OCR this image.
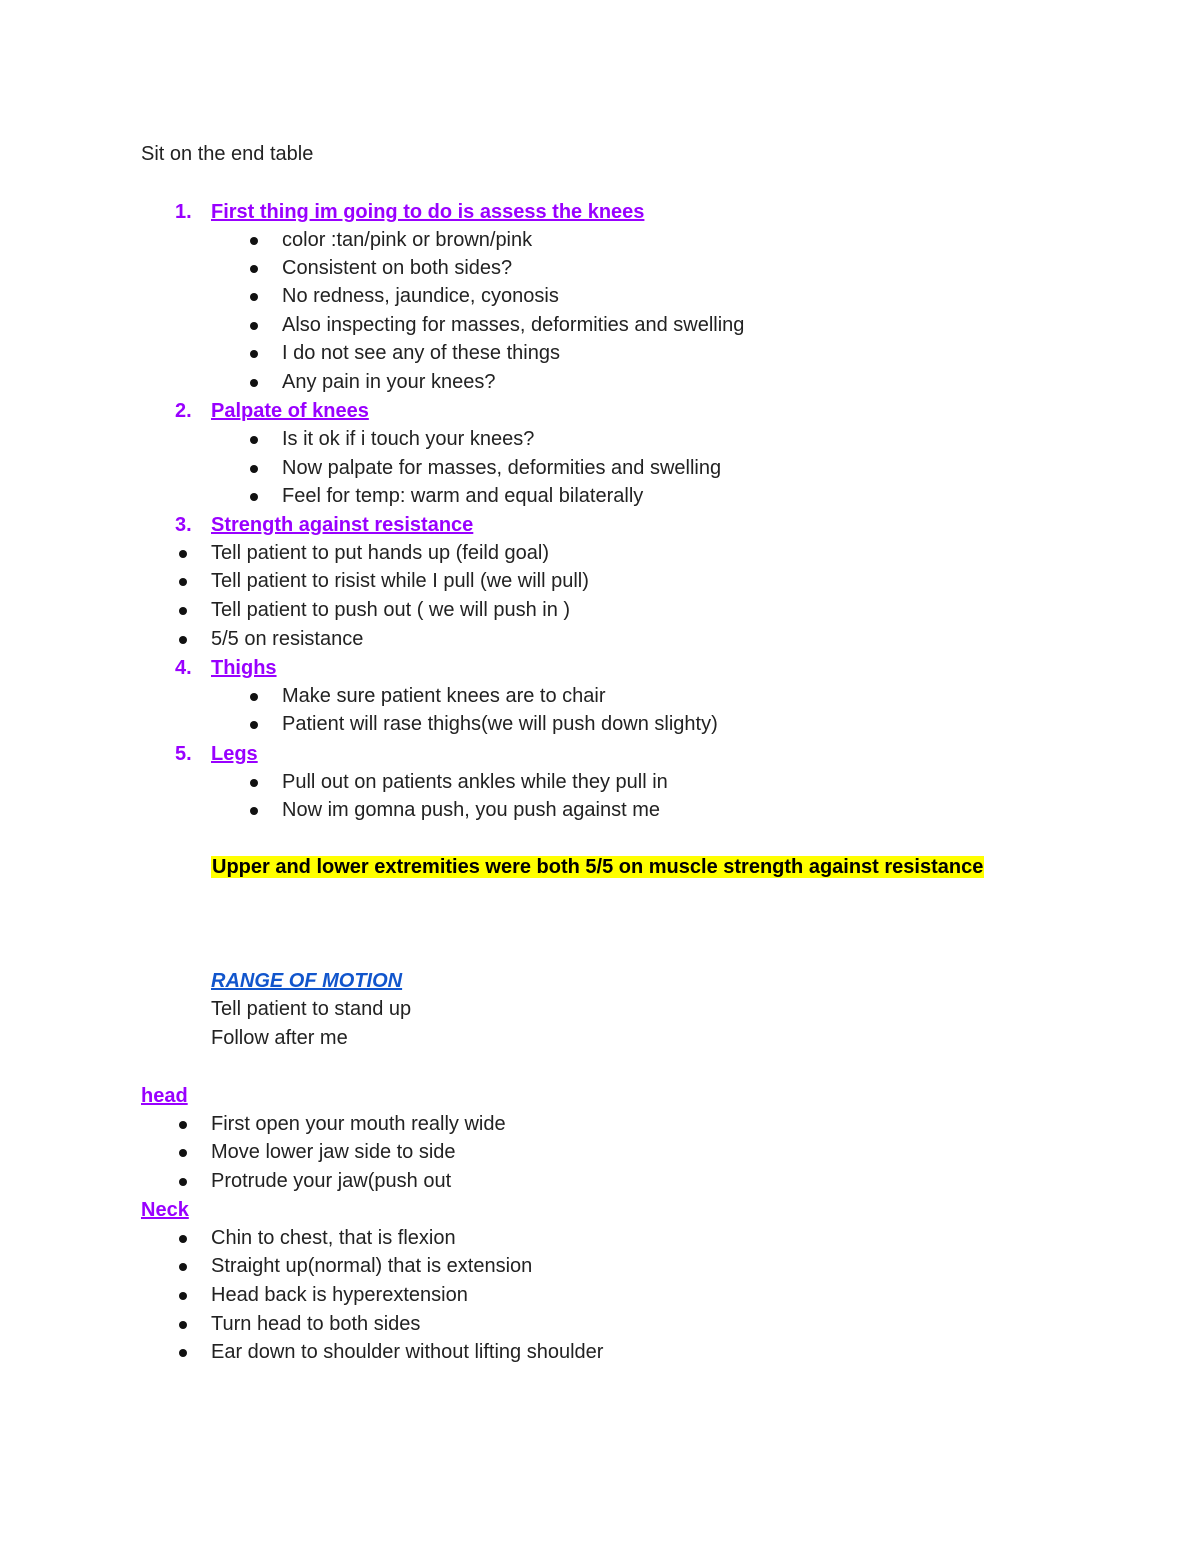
Sit on the end table
1. First thing im going to do is assess the knees
color :tan/pink or brown/pink
Consistent on both sides?
No redness, jaundice, cyonosis
Also inspecting for masses, deformities and swelling
I do not see any of these things
Any pain in your knees?
2. Palpate of knees
Is it ok if i touch your knees?
Now palpate for masses, deformities and swelling
Feel for temp: warm and equal bilaterally
3. Strength against resistance
Tell patient to put hands up (feild goal)
Tell patient to risist while I pull (we will pull)
Tell patient to push out ( we will push in )
5/5 on resistance
4. Thighs
Make sure patient knees are to chair
Patient will rase thighs(we will push down slighty)
5. Legs
Pull out on patients ankles while they pull in
Now im gomna push, you push against me
Upper and lower extremities were both 5/5 on muscle strength against resistance
RANGE OF MOTION
Tell patient to stand up
Follow after me
head
First open your mouth really wide
Move lower jaw side to side
Protrude your jaw(push out
Neck
Chin to chest, that is flexion
Straight up(normal) that is extension
Head back is hyperextension
Turn head to both sides
Ear down to shoulder without lifting shoulder
